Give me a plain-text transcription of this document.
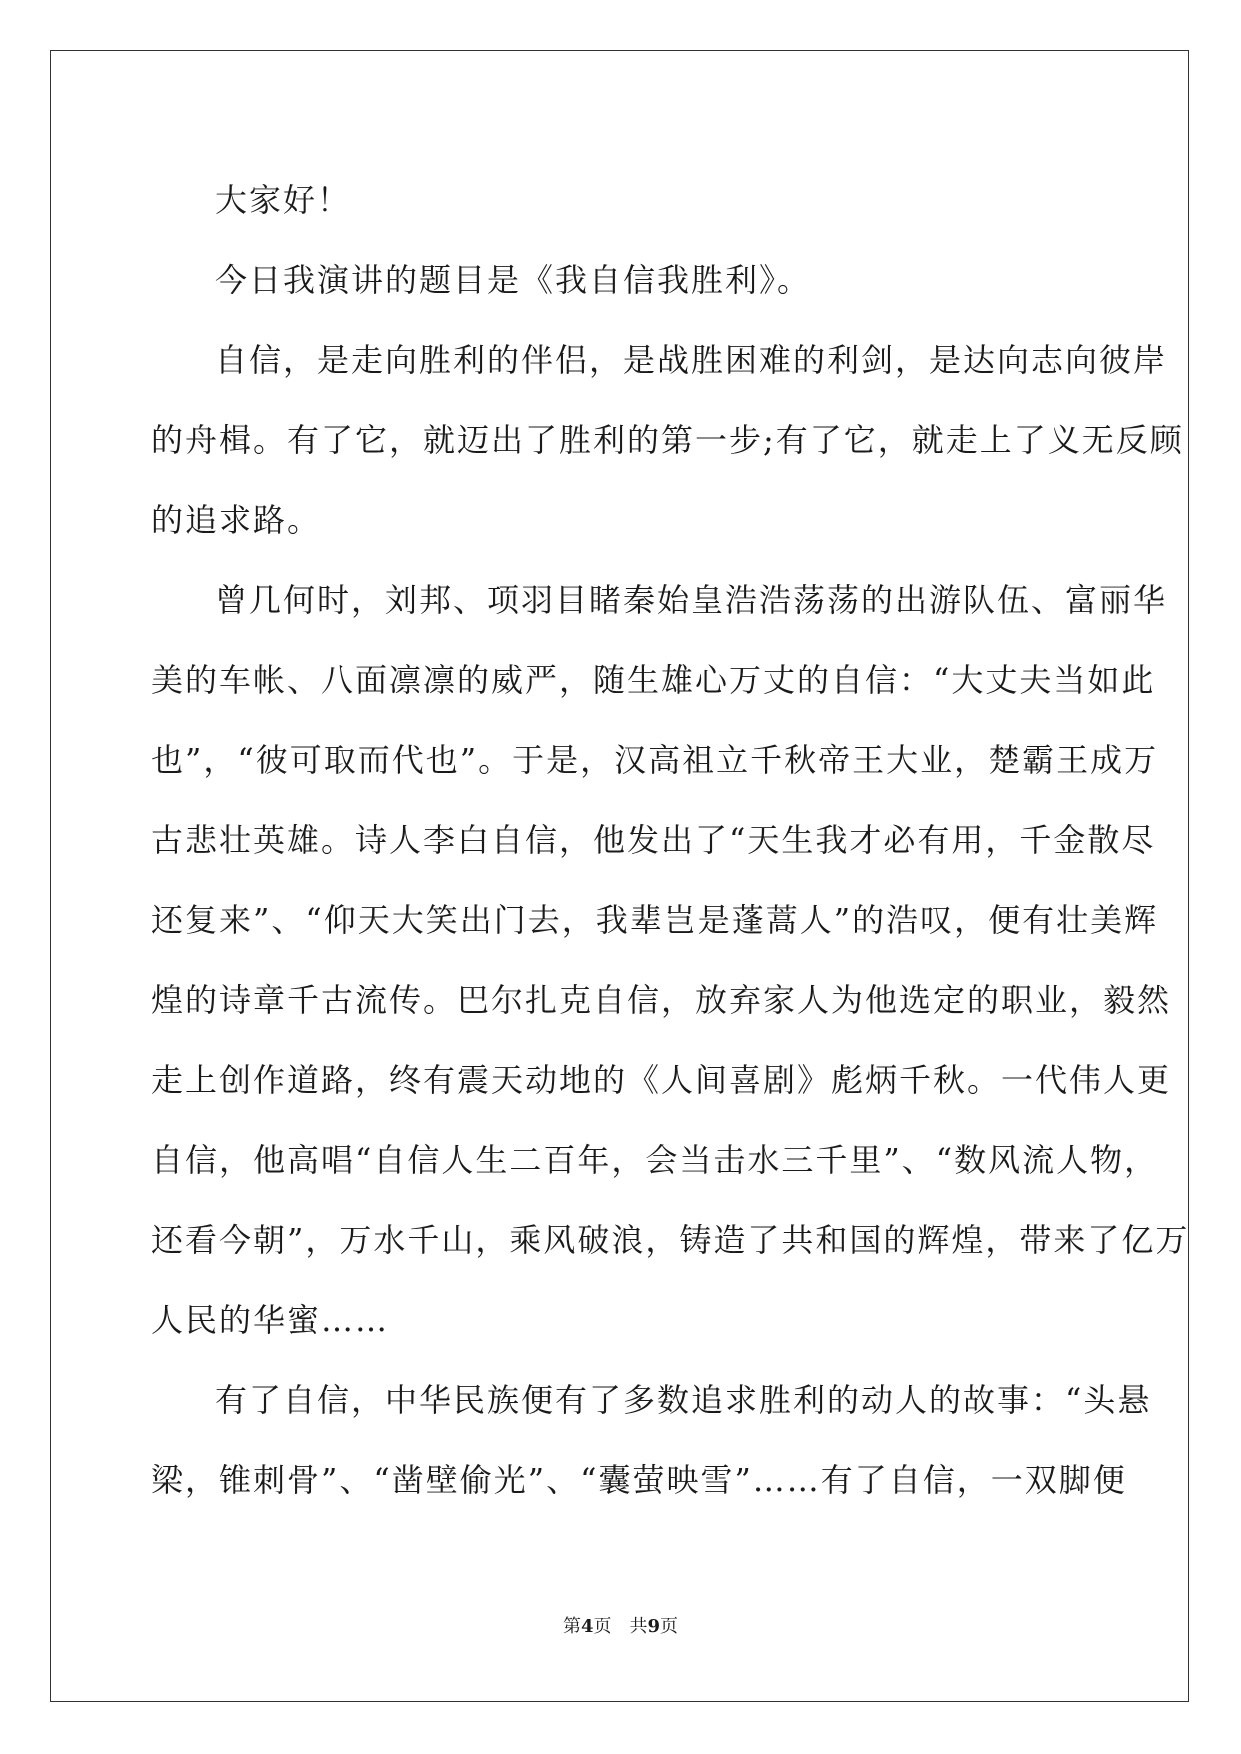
大家好！
今日我演讲的题目是《我自信我胜利》。
自信，是走向胜利的伴侣，是战胜困难的利剑，是达向志向彼岸
的舟楫。有了它，就迈出了胜利的第一步;有了它，就走上了义无反顾
的追求路。
曾几何时，刘邦、项羽目睹秦始皇浩浩荡荡的出游队伍、富丽华
美的车帐、八面凛凛的威严，随生雄心万丈的自信：“大丈夫当如此
也”，“彼可取而代也”。于是，汉高祖立千秋帝王大业，楚霸王成万
古悲壮英雄。诗人李白自信，他发出了“天生我才必有用，千金散尽
还复来”、“仰天大笑出门去，我辈岂是蓬蒿人”的浩叹，便有壮美辉
煌的诗章千古流传。巴尔扎克自信，放弃家人为他选定的职业，毅然
走上创作道路，终有震天动地的《人间喜剧》彪炳千秋。一代伟人更
自信，他高唱“自信人生二百年，会当击水三千里”、“数风流人物，
还看今朝”，万水千山，乘风破浪，铸造了共和国的辉煌，带来了亿万
人民的华蜜……
有了自信，中华民族便有了多数追求胜利的动人的故事：“头悬
梁，锥刺骨”、“凿壁偷光”、“囊萤映雪”……有了自信，一双脚便
第4页 共9页
